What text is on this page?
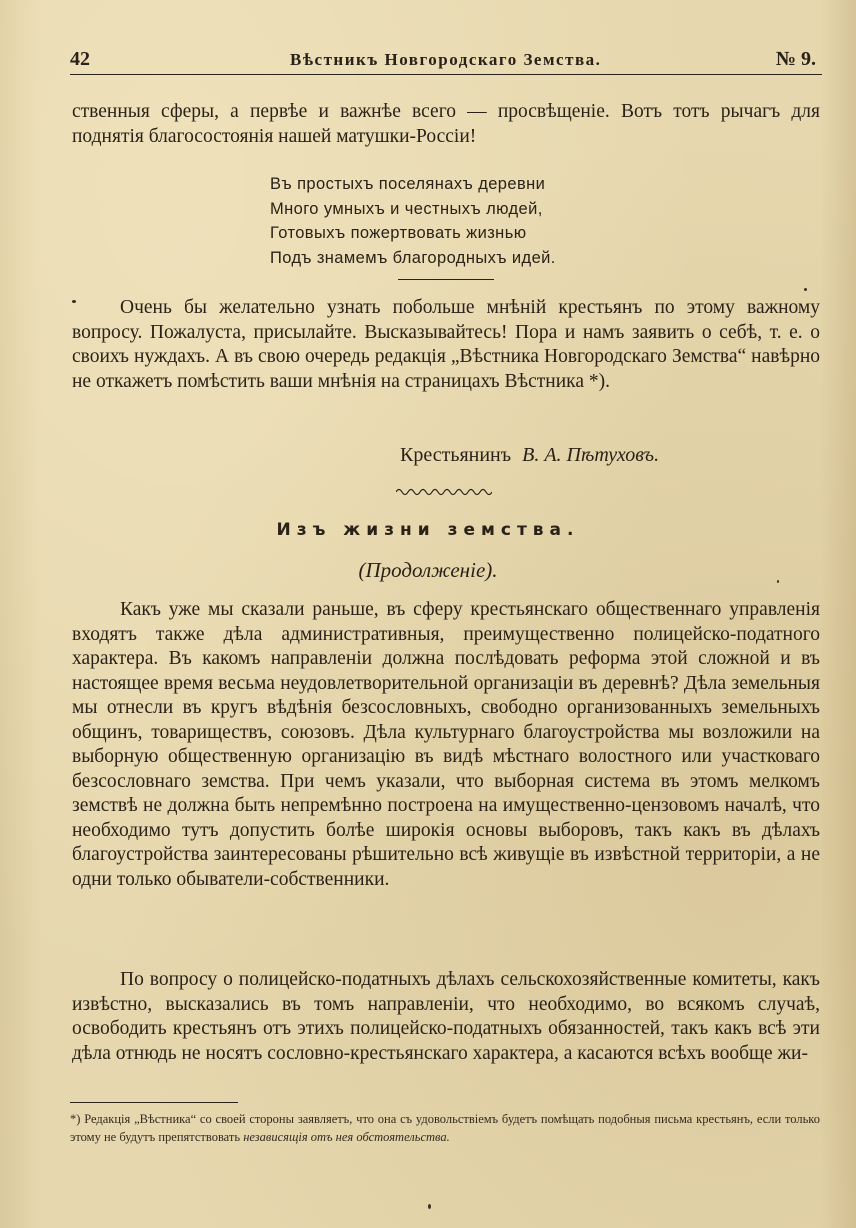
42	Вѣстникъ Новгородскаго Земства.	№ 9.
ственныя сферы, а первѣе и важнѣе всего — просвѣщеніе. Вотъ тотъ рычагъ для поднятія благосостоянія нашей матушки-Россіи!
Въ простыхъ поселянахъ деревни
Много умныхъ и честныхъ людей,
Готовыхъ пожертвовать жизнью
Подъ знамемъ благородныхъ идей.
Очень бы желательно узнать побольше мнѣній крестьянъ по этому важному вопросу. Пожалуста, присылайте. Высказывайтесь! Пора и намъ заявить о себѣ, т. е. о своихъ нуждахъ. А въ свою очередь редакція „Вѣстника Новгородскаго Земства“ навѣрно не откажетъ помѣстить ваши мнѣнія на страницахъ Вѣстника *).
Крестьянинъ В. А. Пѣтуховъ.
Изъ жизни земства.
(Продолженіе).
Какъ уже мы сказали раньше, въ сферу крестьянскаго общественнаго управленія входятъ также дѣла административныя, преимущественно полицейско-податного характера. Въ какомъ направленіи должна послѣдовать реформа этой сложной и въ настоящее время весьма неудовлетворительной организаціи въ деревнѣ? Дѣла земельныя мы отнесли въ кругъ вѣдѣнія безсословныхъ, свободно организованныхъ земельныхъ общинъ, товариществъ, союзовъ. Дѣла культурнаго благоустройства мы возложили на выборную общественную организацію въ видѣ мѣстнаго волостного или участковаго безсословнаго земства. При чемъ указали, что выборная система въ этомъ мелкомъ земствѣ не должна быть непремѣнно построена на имущественно-цензовомъ началѣ, что необходимо тутъ допустить болѣе широкія основы выборовъ, такъ какъ въ дѣлахъ благоустройства заинтересованы рѣшительно всѣ живущіе въ извѣстной территоріи, а не одни только обыватели-собственники.
По вопросу о полицейско-податныхъ дѣлахъ сельскохозяйственные комитеты, какъ извѣстно, высказались въ томъ направленіи, что необходимо, во всякомъ случаѣ, освободить крестьянъ отъ этихъ полицейско-податныхъ обязанностей, такъ какъ всѣ эти дѣла отнюдь не носятъ сословно-крестьянскаго характера, а касаются всѣхъ вообще жи-
*) Редакція „Вѣстника“ со своей стороны заявляетъ, что она съ удовольствіемъ будетъ помѣщать подобныя письма крестьянъ, если только этому не будутъ препятствовать независящія отъ нея обстоятельства.
